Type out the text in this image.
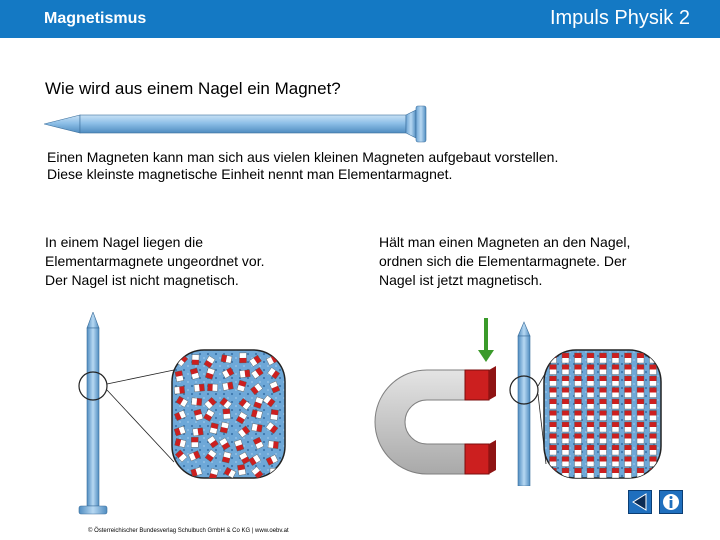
Magnetismus	Impuls Physik 2
Wie wird aus einem Nagel ein Magnet?
Einen Magneten kann man sich aus vielen kleinen Magneten aufgebaut vorstellen.
Diese kleinste magnetische Einheit nennt man Elementarmagnet.
In einem Nagel liegen die
Elementarmagnete ungeordnet vor.
Der Nagel ist nicht magnetisch.
Hält man einen Magneten an den Nagel,
ordnen sich die Elementarmagnete. Der
Nagel ist jetzt magnetisch.
© Österreichischer Bundesverlag Schulbuch GmbH & Co KG | www.oebv.at
